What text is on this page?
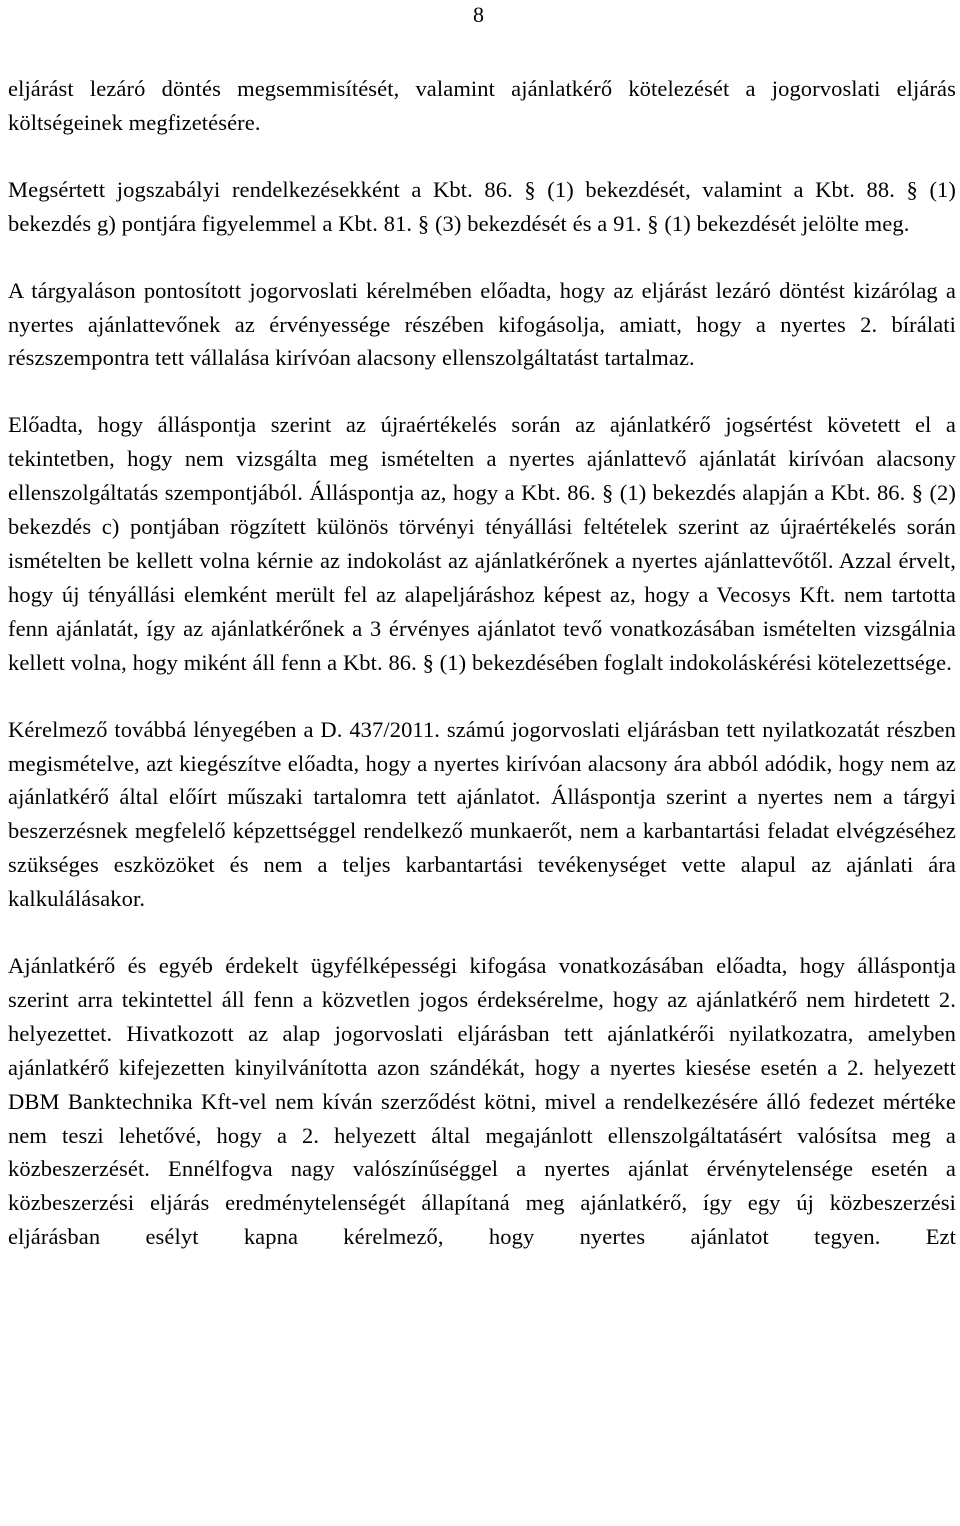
8

eljárást lezáró döntés megsemmisítését, valamint ajánlatkérő kötelezését a jogorvoslati eljárás költségeinek megfizetésére.

Megsértett jogszabályi rendelkezésekként a Kbt. 86. § (1) bekezdését, valamint a Kbt. 88. § (1) bekezdés g) pontjára figyelemmel a Kbt. 81. § (3) bekezdését és a 91. § (1) bekezdését jelölte meg.

A tárgyaláson pontosított jogorvoslati kérelmében előadta, hogy az eljárást lezáró döntést kizárólag a nyertes ajánlattevőnek az érvényessége részében kifogásolja, amiatt, hogy a nyertes 2. bírálati részszempontra tett vállalása kirívóan alacsony ellenszolgáltatást tartalmaz.

Előadta, hogy álláspontja szerint az újraértékelés során az ajánlatkérő jogsértést követett el a tekintetben, hogy nem vizsgálta meg ismételten a nyertes ajánlattevő ajánlatát kirívóan alacsony ellenszolgáltatás szempontjából. Álláspontja az, hogy a Kbt. 86. § (1) bekezdés alapján a Kbt. 86. § (2) bekezdés c) pontjában rögzített különös törvényi tényállási feltételek szerint az újraértékelés során ismételten be kellett volna kérnie az indokolást az ajánlatkérőnek a nyertes ajánlattevőtől. Azzal érvelt, hogy új tényállási elemként merült fel az alapeljáráshoz képest az, hogy a Vecosys Kft. nem tartotta fenn ajánlatát, így az ajánlatkérőnek a 3 érvényes ajánlatot tevő vonatkozásában ismételten vizsgálnia kellett volna, hogy miként áll fenn a Kbt. 86. § (1) bekezdésében foglalt indokoláskérési kötelezettsége.

Kérelmező továbbá lényegében a D. 437/2011. számú jogorvoslati eljárásban tett nyilatkozatát részben megismételve, azt kiegészítve előadta, hogy a nyertes kirívóan alacsony ára abból adódik, hogy nem az ajánlatkérő által előírt műszaki tartalomra tett ajánlatot. Álláspontja szerint a nyertes nem a tárgyi beszerzésnek megfelelő képzettséggel rendelkező munkaerőt, nem a karbantartási feladat elvégzéséhez szükséges eszközöket és nem a teljes karbantartási tevékenységet vette alapul az ajánlati ára kalkulálásakor.

Ajánlatkérő és egyéb érdekelt ügyfélképességi kifogása vonatkozásában előadta, hogy álláspontja szerint arra tekintettel áll fenn a közvetlen jogos érdeksérelme, hogy az ajánlatkérő nem hirdetett 2. helyezettet. Hivatkozott az alap jogorvoslati eljárásban tett ajánlatkérői nyilatkozatra, amelyben ajánlatkérő kifejezetten kinyilvánította azon szándékát, hogy a nyertes kiesése esetén a 2. helyezett DBM Banktechnika Kft-vel nem kíván szerződést kötni, mivel a rendelkezésére álló fedezet mértéke nem teszi lehetővé, hogy a 2. helyezett által megajánlott ellenszolgáltatásért valósítsa meg a közbeszerzését. Ennélfogva nagy valószínűséggel a nyertes ajánlat érvénytelensége esetén a közbeszerzési eljárás eredménytelenségét állapítaná meg ajánlatkérő, így egy új közbeszerzési eljárásban esélyt kapna kérelmező, hogy nyertes ajánlatot tegyen. Ezt
